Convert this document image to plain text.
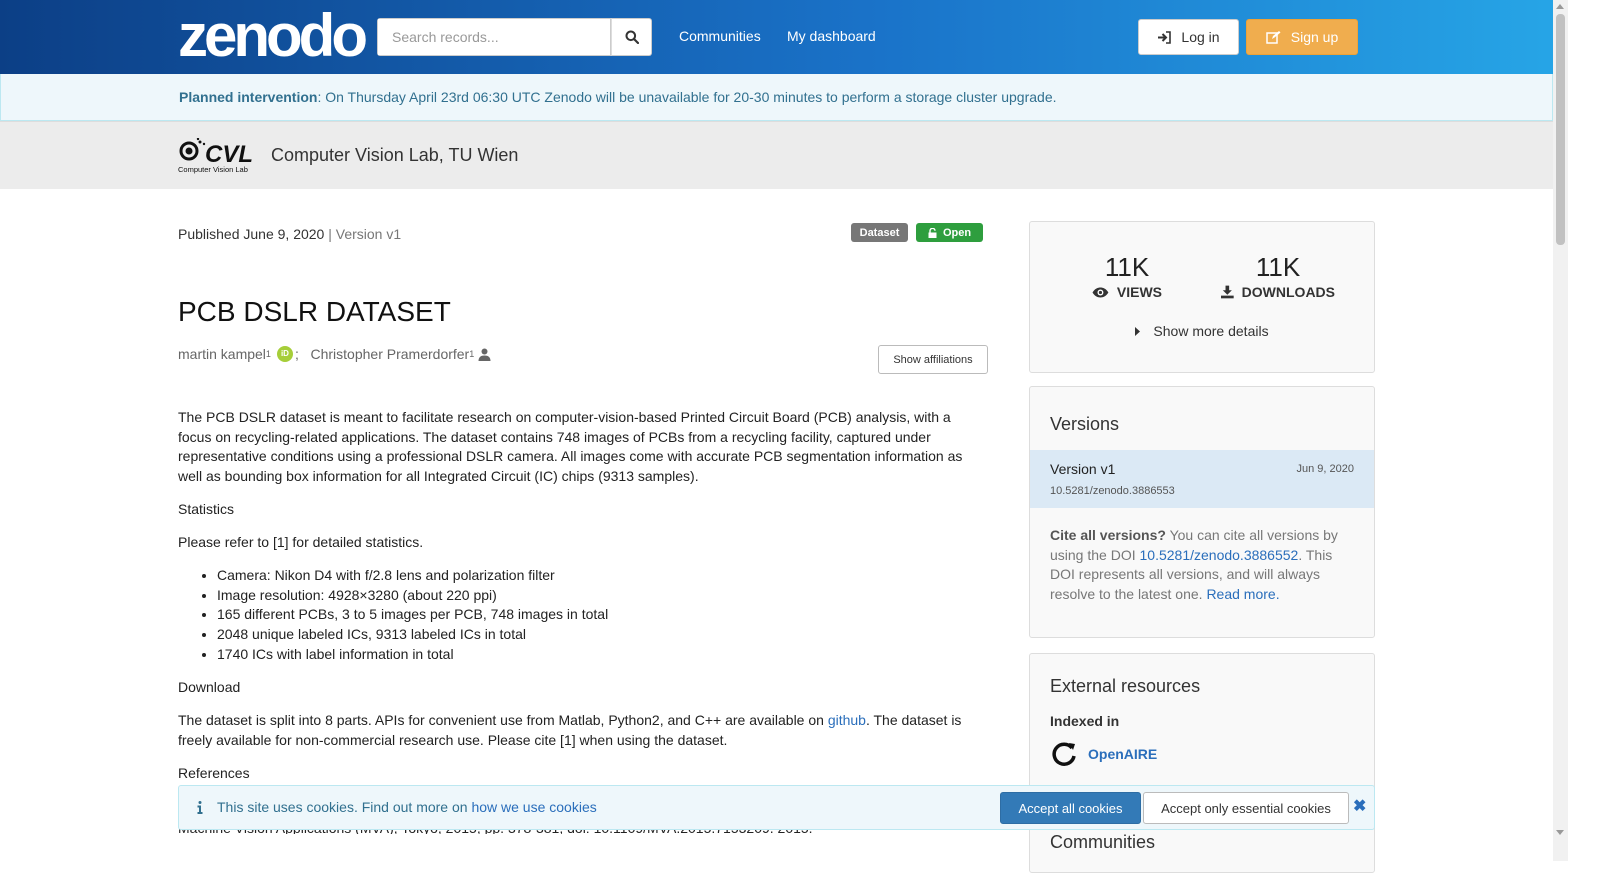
zenodo
Search records...	Communities My dashboard	Log in	Sign up
Planned intervention: On Thursday April 23rd 06:30 UTC Zenodo will be unavailable for 20-30 minutes to perform a storage cluster upgrade.
CVL
Computer Vision Lab
Computer Vision Lab, TU Wien
Published June 9, 2020 | Version v1	Dataset	Open
PCB DSLR DATASET
martin kampel 1	iD ; Christopher Pramerdorfer 1	Show affiliations

The PCB DSLR dataset is meant to facilitate research on computer-vision-based Printed Circuit Board (PCB) analysis, with a focus on recycling-related applications. The dataset contains 748 images of PCBs from a recycling facility, captured under representative conditions using a professional DSLR camera. All images come with accurate PCB segmentation information as well as bounding box information for all Integrated Circuit (IC) chips (9313 samples).

Statistics

Please refer to [1] for detailed statistics.

• Camera: Nikon D4 with f/2.8 lens and polarization filter
• Image resolution: 4928×3280 (about 220 ppi)
• 165 different PCBs, 3 to 5 images per PCB, 748 images in total
• 2048 unique labeled ICs, 9313 labeled ICs in total
• 1740 ICs with label information in total

Download

The dataset is split into 8 parts. APIs for convenient use from Matlab, Python2, and C++ are available on github. The dataset is freely available for non-commercial research use. Please cite [1] when using the dataset.

References

11K
VIEWS
11K
DOWNLOADS
Show more details
Versions
Version v1	Jun 9, 2020
10.5281/zenodo.3886553
Cite all versions? You can cite all versions by using the DOI 10.5281/zenodo.3886552. This DOI represents all versions, and will always resolve to the latest one. Read more.
External resources
Indexed in
OpenAIRE
Communities
This site uses cookies. Find out more on how we use cookies	Accept all cookies	Accept only essential cookies	✖
